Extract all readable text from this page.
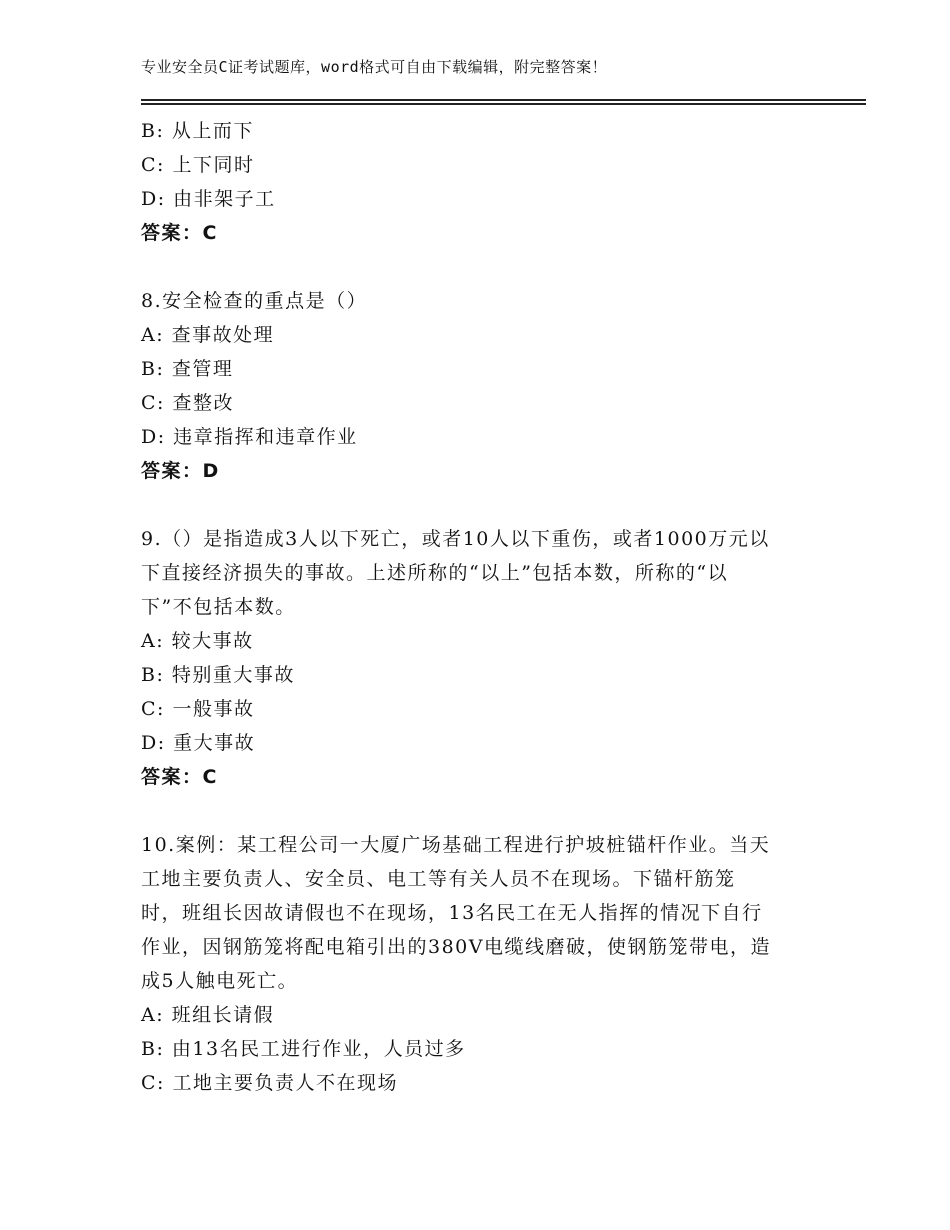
专业安全员C证考试题库，word格式可自由下载编辑，附完整答案！
B: 从上而下
C: 上下同时
D: 由非架子工
答案：C
8.安全检查的重点是（）
A: 查事故处理
B: 查管理
C: 查整改
D: 违章指挥和违章作业
答案：D
9.（）是指造成3人以下死亡，或者10人以下重伤，或者1000万元以
下直接经济损失的事故。上述所称的“以上”包括本数，所称的“以
下”不包括本数。
A: 较大事故
B: 特别重大事故
C: 一般事故
D: 重大事故
答案：C
10.案例：某工程公司一大厦广场基础工程进行护坡桩锚杆作业。当天
工地主要负责人、安全员、电工等有关人员不在现场。下锚杆筋笼
时，班组长因故请假也不在现场，13名民工在无人指挥的情况下自行
作业，因钢筋笼将配电箱引出的380V电缆线磨破，使钢筋笼带电，造
成5人触电死亡。
A: 班组长请假
B: 由13名民工进行作业，人员过多
C: 工地主要负责人不在现场
